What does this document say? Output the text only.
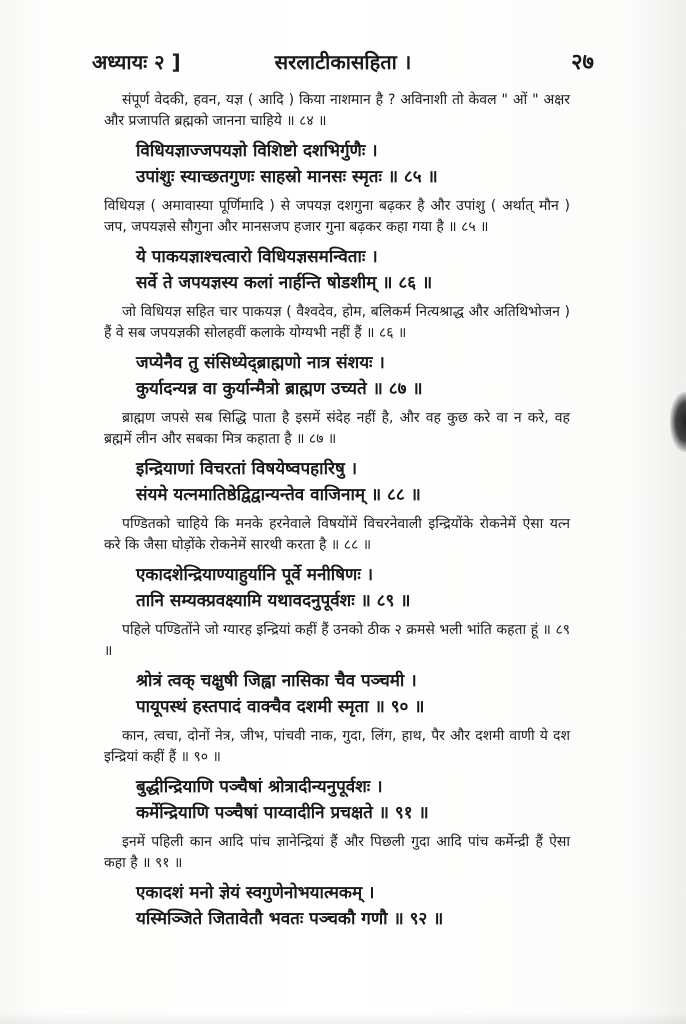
अध्यायः २ ]	सरलाटीकासहिता ।	२७

संपूर्ण वेदकी, हवन, यज्ञ ( आदि ) किया नाशमान है ? अविनाशी तो केवल " ओं " अक्षर और प्रजापति ब्रह्मको जानना चाहिये ॥ ८४ ॥

विधियज्ञाज्जपयज्ञो विशिष्टो दशभिर्गुणैः ।
उपांशुः स्याच्छतगुणः साहस्रो मानसः स्मृतः ॥ ८५ ॥

विधियज्ञ ( अमावास्या पूर्णिमादि ) से जपयज्ञ दशगुना बढ़कर है और उपांशु ( अर्थात् मौन ) जप, जपयज्ञसे सौगुना और मानसजप हजार गुना बढ़कर कहा गया है ॥ ८५ ॥

ये पाकयज्ञाश्चत्वारो विधियज्ञसमन्विताः ।
सर्वे ते जपयज्ञस्य कलां नार्हन्ति षोडशीम् ॥ ८६ ॥

जो विधियज्ञ सहित चार पाकयज्ञ ( वैश्वदेव, होम, बलिकर्म नित्यश्राद्ध और अतिथिभोजन ) हैं वे सब जपयज्ञकी सोलहवीं कलाके योग्यभी नहीं हैं ॥ ८६ ॥

जप्येनैव तु संसिध्येद्ब्राह्मणो नात्र संशयः ।
कुर्यादन्यन्न वा कुर्यान्मैत्रो ब्राह्मण उच्यते ॥ ८७ ॥

ब्राह्मण जपसे सब सिद्धि पाता है इसमें संदेह नहीं है, और वह कुछ करे वा न करे, वह ब्रह्ममें लीन और सबका मित्र कहाता है ॥ ८७ ॥

इन्द्रियाणां विचरतां विषयेष्वपहारिषु ।
संयमे यत्नमातिष्ठेद्विद्वान्यन्तेव वाजिनाम् ॥ ८८ ॥

पण्डितको चाहिये कि मनके हरनेवाले विषयोंमें विचरनेवाली इन्द्रियोंके रोकनेमें ऐसा यत्न करे कि जैसा घोड़ोंके रोकनेमें सारथी करता है ॥ ८८ ॥

एकादशेन्द्रियाण्याहुर्यानि पूर्वे मनीषिणः ।
तानि सम्यक्प्रवक्ष्यामि यथावदनुपूर्वशः ॥ ८९ ॥

पहिले पण्डितोंने जो ग्यारह इन्द्रियां कहीं हैं उनको ठीक २ क्रमसे भली भांति कहता हूं ॥ ८९ ॥

श्रोत्रं त्वक् चक्षुषी जिह्वा नासिका चैव पञ्चमी ।
पायूपस्थं हस्तपादं वाक्चैव दशमी स्मृता ॥ ९० ॥

कान, त्वचा, दोनों नेत्र, जीभ, पांचवी नाक, गुदा, लिंग, हाथ, पैर और दशमी वाणी ये दश इन्द्रियां कहीं हैं ॥ ९० ॥

बुद्धीन्द्रियाणि पञ्चैषां श्रोत्रादीन्यनुपूर्वशः ।
कर्मेन्द्रियाणि पञ्चैषां पाय्वादीनि प्रचक्षते ॥ ९१ ॥

इनमें पहिली कान आदि पांच ज्ञानेन्द्रियां हैं और पिछली गुदा आदि पांच कर्मेन्द्री हैं ऐसा कहा है ॥ ९१ ॥

एकादशं मनो ज्ञेयं स्वगुणेनोभयात्मकम् ।
यस्मिञ्जिते जितावेतौ भवतः पञ्चकौ गणौ ॥ ९२ ॥
